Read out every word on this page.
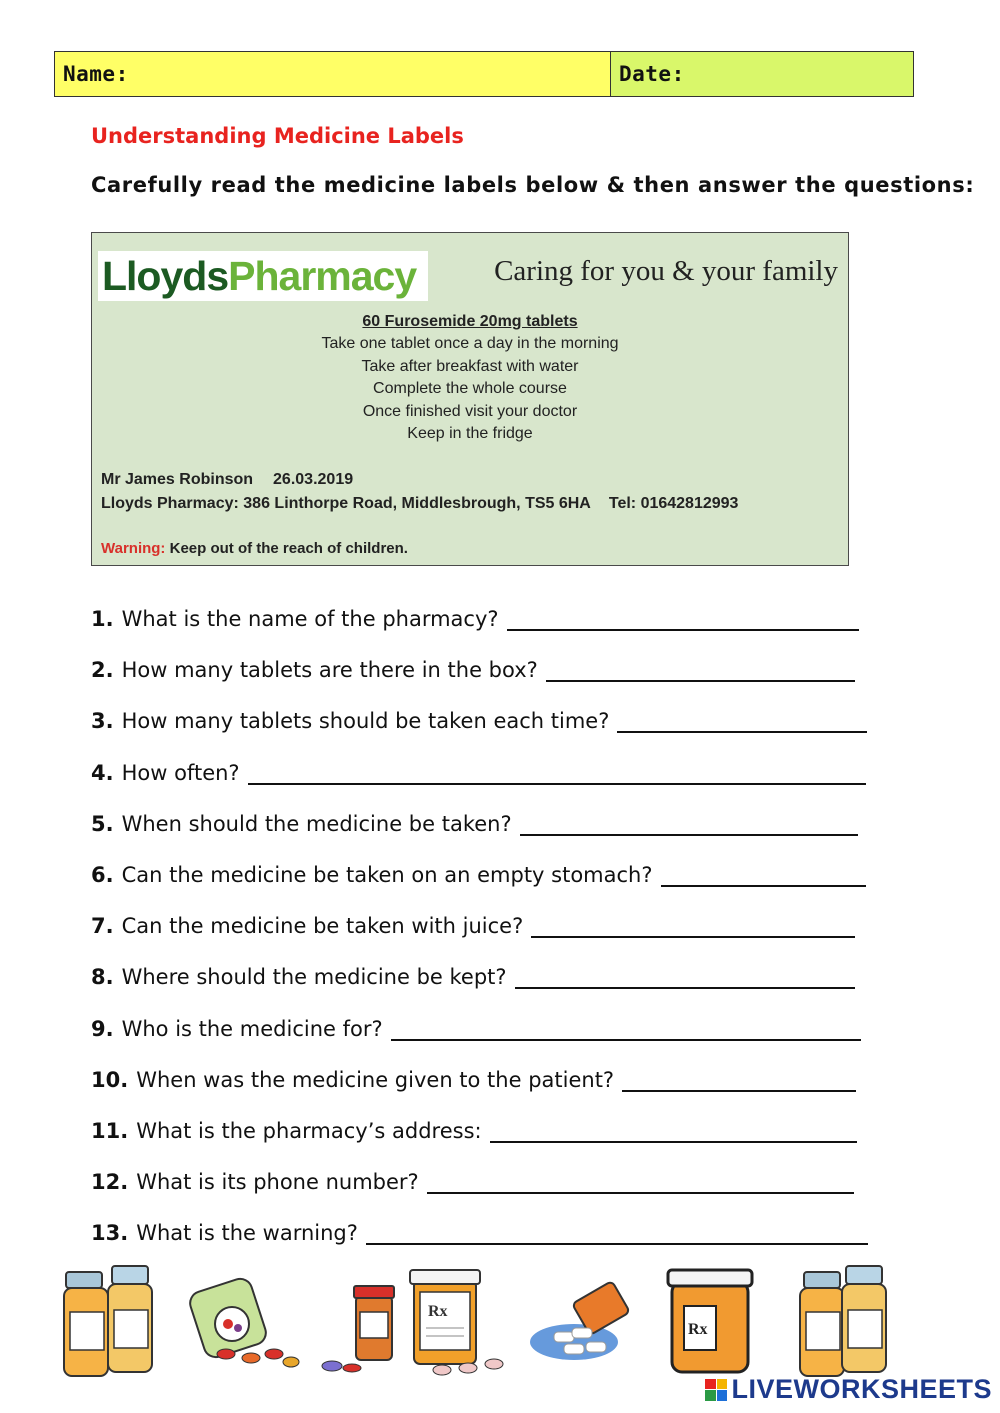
Name:	Date:
Understanding Medicine Labels
Carefully read the medicine labels below & then answer the questions:
Lloyds Pharmacy	Caring for you & your family
60 Furosemide 20mg tablets
Take one tablet once a day in the morning
Take after breakfast with water
Complete the whole course
Once finished visit your doctor
Keep in the fridge
Mr James Robinson 26.03.2019
Lloyds Pharmacy: 386 Linthorpe Road, Middlesbrough, TS5 6HA Tel: 01642812993
Warning: Keep out of the reach of children.
1. What is the name of the pharmacy?
2. How many tablets are there in the box?
3. How many tablets should be taken each time?
4. How often?
5. When should the medicine be taken?
6. Can the medicine be taken on an empty stomach?
7. Can the medicine be taken with juice?
8. Where should the medicine be kept?
9. Who is the medicine for?
10. When was the medicine given to the patient?
11. What is the pharmacy’s address:
12. What is its phone number?
13. What is the warning?
Rx
Rx
LIVEWORKSHEETS
